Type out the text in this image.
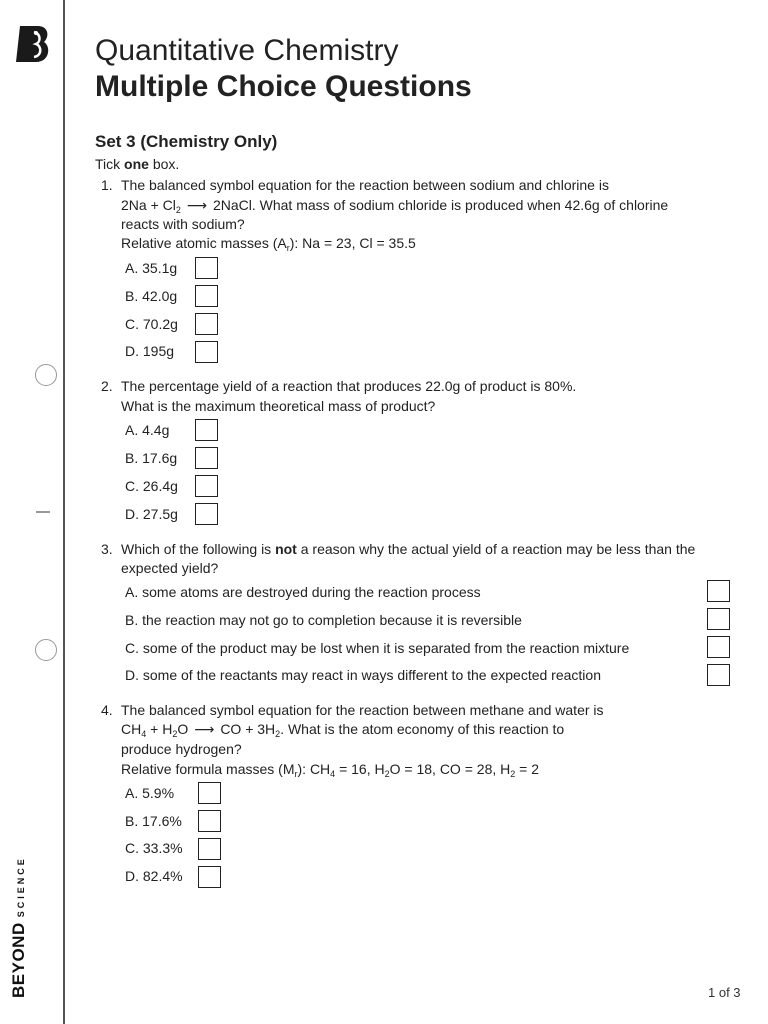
BEYONDSCIENCE
Quantitative Chemistry
Multiple Choice Questions
Set 3 (Chemistry Only)
Tick one box.
1. The balanced symbol equation for the reaction between sodium and chlorine is
$2Na + Cl_2$ ⟶ 2NaCl. What mass of sodium chloride is produced when 42.6g of chlorine
reacts with sodium?
Relative atomic masses $(A_r)$: Na = 23, Cl = 35.5
A. 35.1g
B. 42.0g
C. 70.2g
D. 195g
2. The percentage yield of a reaction that produces 22.0g of product is 80%.
What is the maximum theoretical mass of product?
A. 4.4g
B. 17.6g
C. 26.4g
D. 27.5g
3. Which of the following is not a reason why the actual yield of a reaction may be less than the
expected yield?
A. some atoms are destroyed during the reaction process
B. the reaction may not go to completion because it is reversible
C. some of the product may be lost when it is separated from the reaction mixture
D. some of the reactants may react in ways different to the expected reaction
4. The balanced symbol equation for the reaction between methane and water is
$CH_4 + H_2O$ ⟶ CO + $3H_2$. What is the atom economy of this reaction to
produce hydrogen?
Relative formula masses $(M_r)$: $CH_4 = 16$, $H_2O = 18$, CO = 28, $H_2 = 2$
A. 5.9%
B. 17.6%
C. 33.3%
D. 82.4%
1 of 3
